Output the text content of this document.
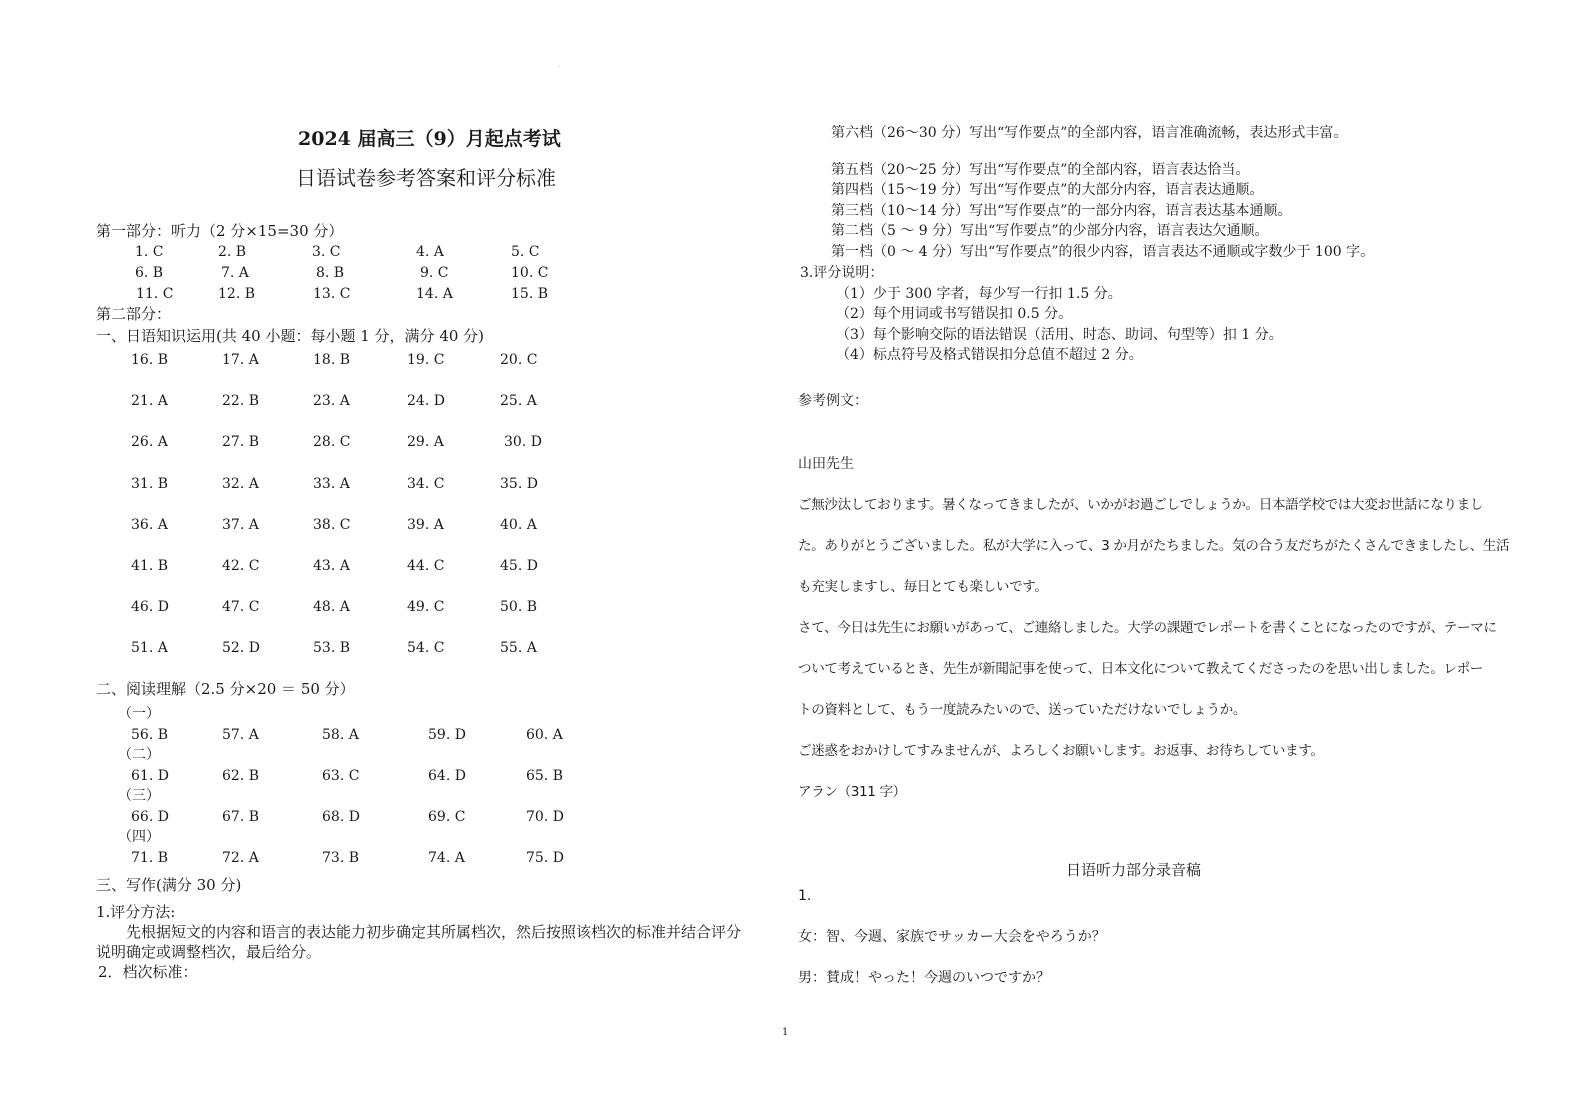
·
2024 届高三（9）月起点考试
日语试卷参考答案和评分标准
第一部分：听力（2 分×15=30 分）
1. C	2. B	3. C	4. A	5. C
6. B	7. A	8. B	9. C	10. C
11. C	12. B	13. C	14. A	15. B
第二部分：
一、日语知识运用(共 40 小题：每小题 1 分，满分 40 分)
16. B	17. A	18. B	19. C	20. C
21. A	22. B	23. A	24. D	25. A
26. A	27. B	28. C	29. A	30. D
31. B	32. A	33. A	34. C	35. D
36. A	37. A	38. C	39. A	40. A
41. B	42. C	43. A	44. C	45. D
46. D	47. C	48. A	49. C	50. B
51. A	52. D	53. B	54. C	55. A
二、阅读理解（2.5 分×20 ＝ 50 分）
（一）
56. B	57. A	58. A	59. D	60. A
（二）
61. D	62. B	63. C	64. D	65. B
（三）
66. D	67. B	68. D	69. C	70. D
（四）
71. B	72. A	73. B	74. A	75. D
三、写作(满分 30 分)
1.评分方法:
先根据短文的内容和语言的表达能力初步确定其所属档次，然后按照该档次的标准并结合评分
说明确定或调整档次，最后给分。
2．档次标准：
第六档（26～30 分）写出“写作要点”的全部内容，语言准确流畅，表达形式丰富。
第五档（20～25 分）写出“写作要点”的全部内容，语言表达恰当。
第四档（15～19 分）写出“写作要点”的大部分内容，语言表达通顺。
第三档（10～14 分）写出“写作要点”的一部分内容，语言表达基本通顺。
第二档（5 ～ 9 分）写出“写作要点”的少部分内容，语言表达欠通顺。
第一档（0 ～ 4 分）写出“写作要点”的很少内容，语言表达不通顺或字数少于 100 字。
3.评分说明：
（1）少于 300 字者，每少写一行扣 1.5 分。
（2）每个用词或书写错误扣 0.5 分。
（3）每个影响交际的语法错误（活用、时态、助词、句型等）扣 1 分。
（4）标点符号及格式错误扣分总值不超过 2 分。
参考例文：
山田先生
ご無沙汰しております。暑くなってきましたが、いかがお過ごしでしょうか。日本語学校では大変お世話になりまし
た。ありがとうございました。私が大学に入って、3 か月がたちました。気の合う友だちがたくさんできましたし、生活
も充実しますし、毎日とても楽しいです。
さて、今日は先生にお願いがあって、ご連絡しました。大学の課題でレポートを書くことになったのですが、テーマに
ついて考えているとき、先生が新聞記事を使って、日本文化について教えてくださったのを思い出しました。レポー
トの資料として、もう一度読みたいので、送っていただけないでしょうか。
ご迷惑をおかけしてすみませんが、よろしくお願いします。お返事、お待ちしています。
アラン（311 字）
日语听力部分录音稿
1.
女：智、今週、家族でサッカー大会をやろうか？
男：賛成！やった！今週のいつですか？
1
